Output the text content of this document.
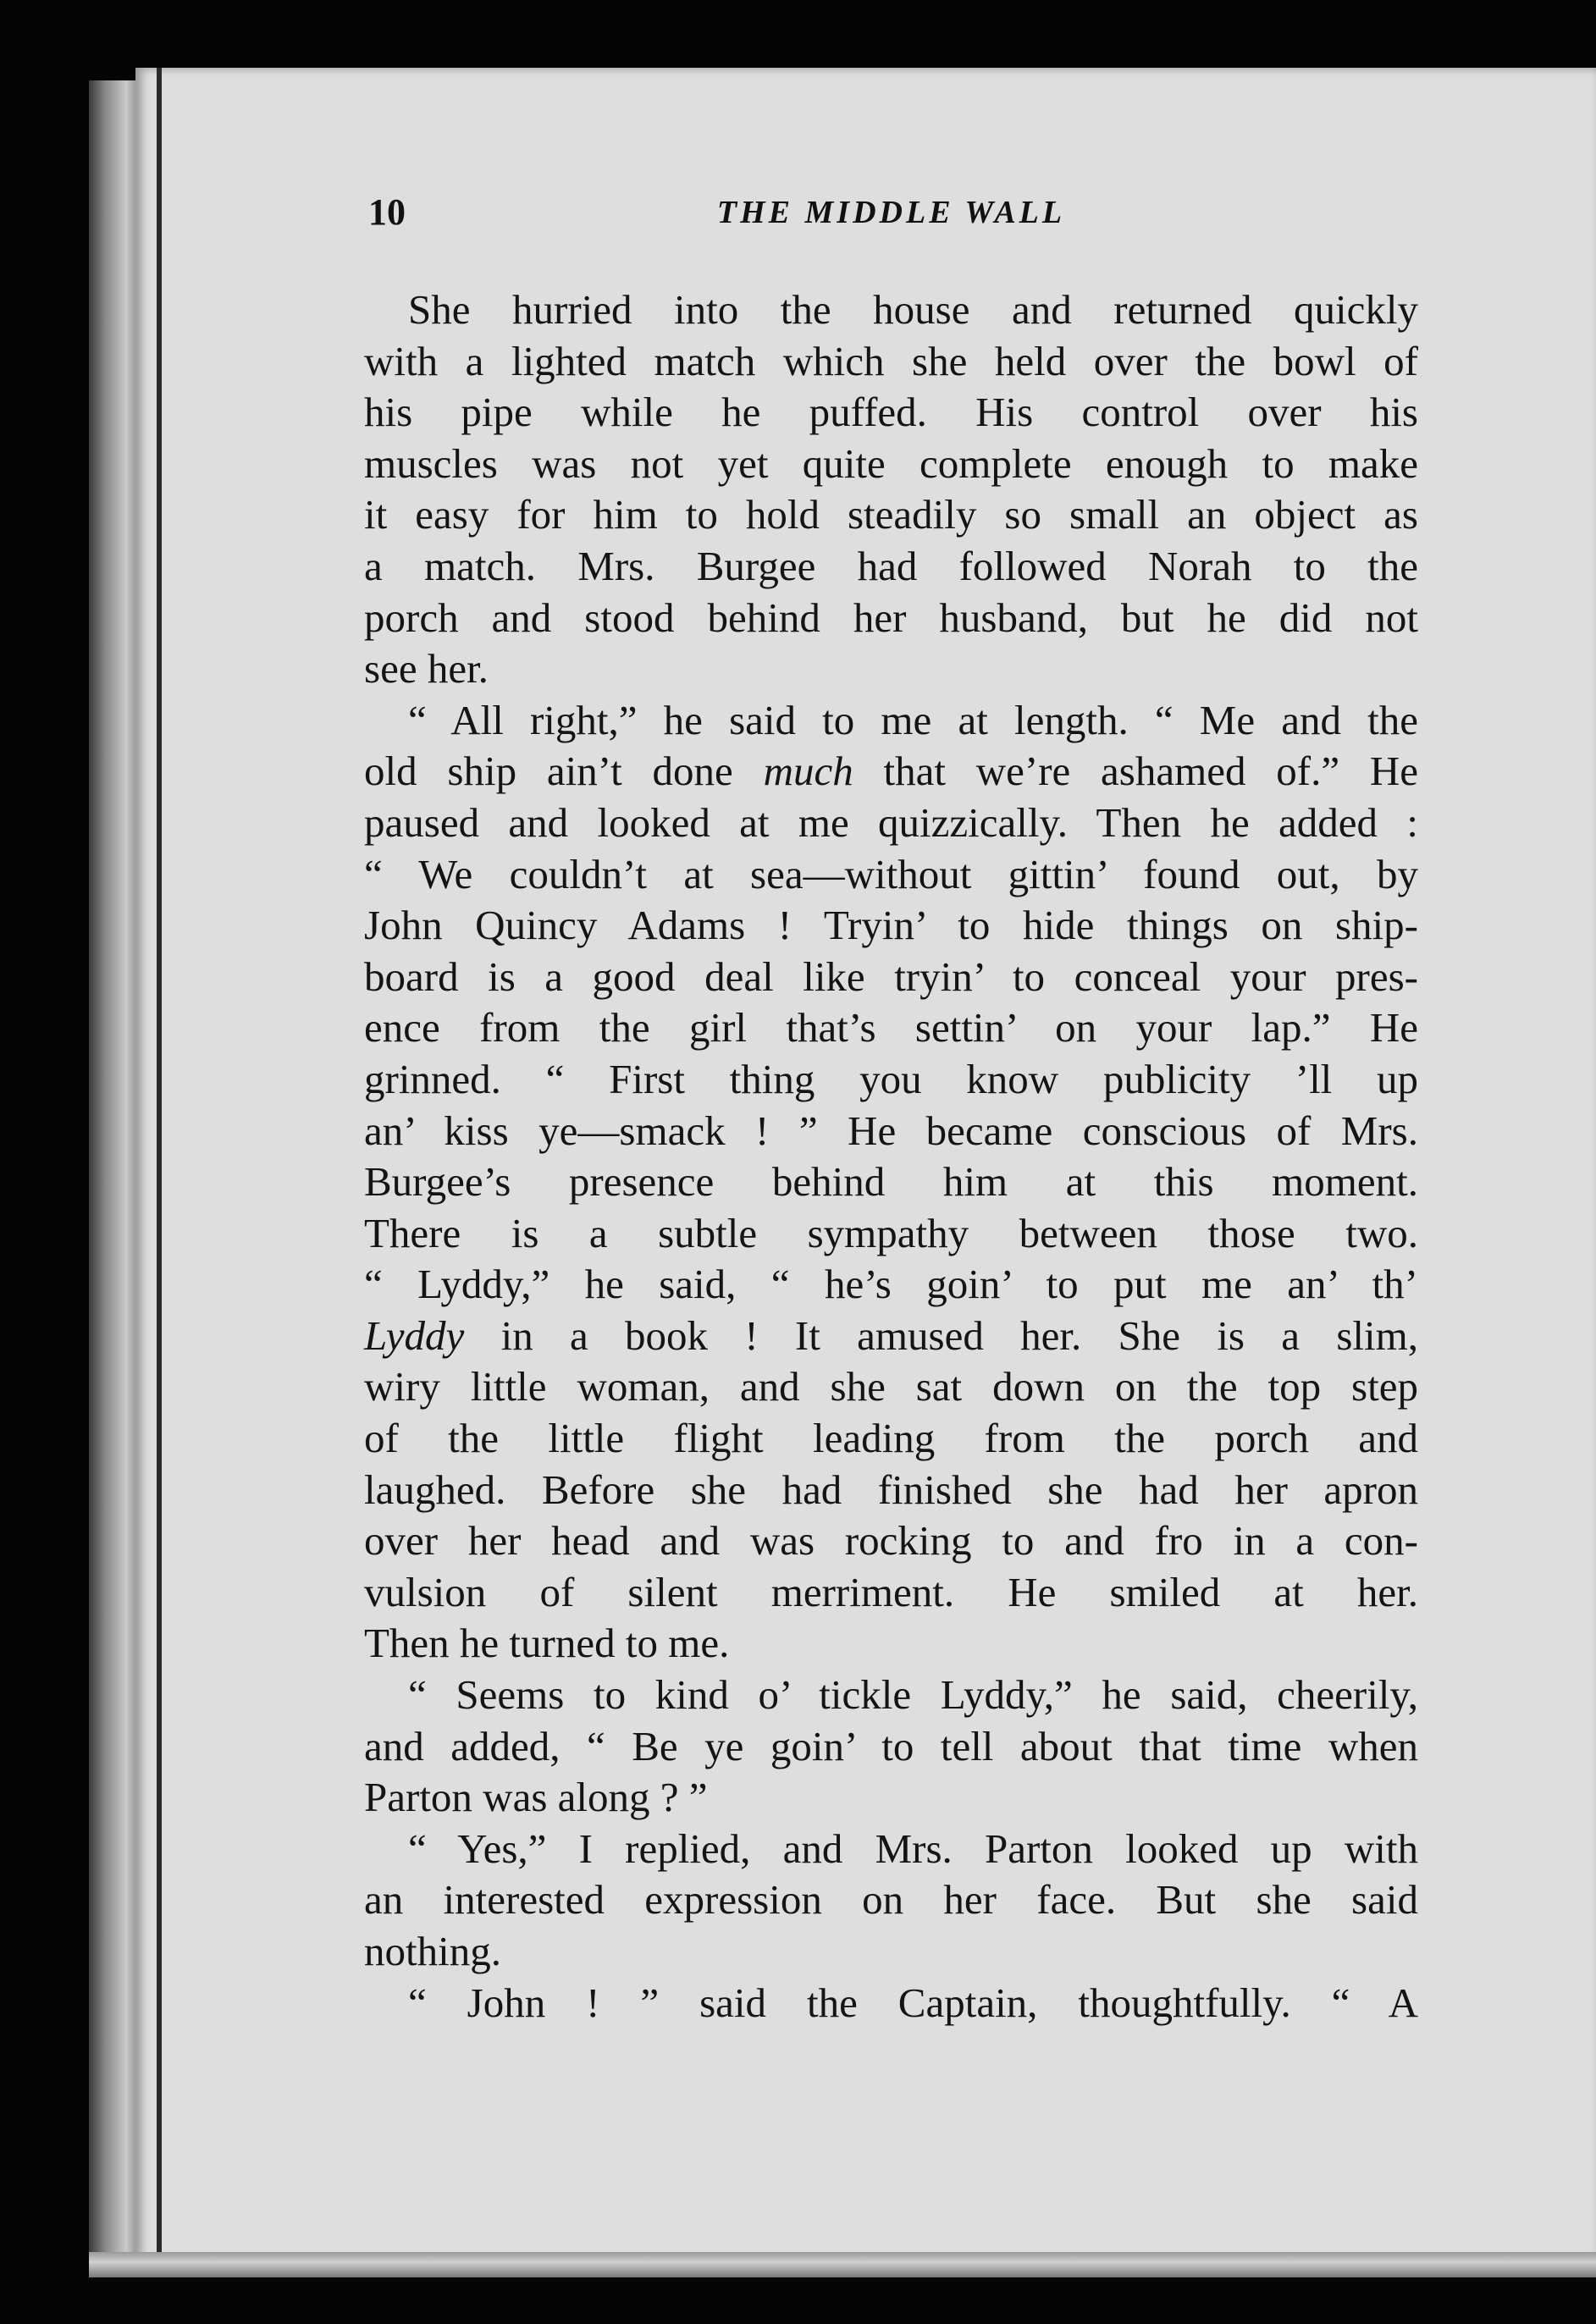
10	THE MIDDLE WALL
She hurried into the house and returned quickly
with a lighted match which she held over the bowl of
his pipe while he puffed. His control over his
muscles was not yet quite complete enough to make
it easy for him to hold steadily so small an object as
a match. Mrs. Burgee had followed Norah to the
porch and stood behind her husband, but he did not
see her.
“ All right,” he said to me at length. “ Me and the
old ship ain’t done much that we’re ashamed of.” He
paused and looked at me quizzically. Then he added :
“ We couldn’t at sea—without gittin’ found out, by
John Quincy Adams ! Tryin’ to hide things on ship-
board is a good deal like tryin’ to conceal your pres-
ence from the girl that’s settin’ on your lap.” He
grinned. “ First thing you know publicity ’ll up
an’ kiss ye—smack ! ” He became conscious of Mrs.
Burgee’s presence behind him at this moment.
There is a subtle sympathy between those two.
“ Lyddy,” he said, “ he’s goin’ to put me an’ th’
Lyddy in a book ! It amused her. She is a slim,
wiry little woman, and she sat down on the top step
of the little flight leading from the porch and
laughed. Before she had finished she had her apron
over her head and was rocking to and fro in a con-
vulsion of silent merriment. He smiled at her.
Then he turned to me.
“ Seems to kind o’ tickle Lyddy,” he said, cheerily,
and added, “ Be ye goin’ to tell about that time when
Parton was along ? ”
“ Yes,” I replied, and Mrs. Parton looked up with
an interested expression on her face. But she said
nothing.
“ John ! ” said the Captain, thoughtfully. “ A
